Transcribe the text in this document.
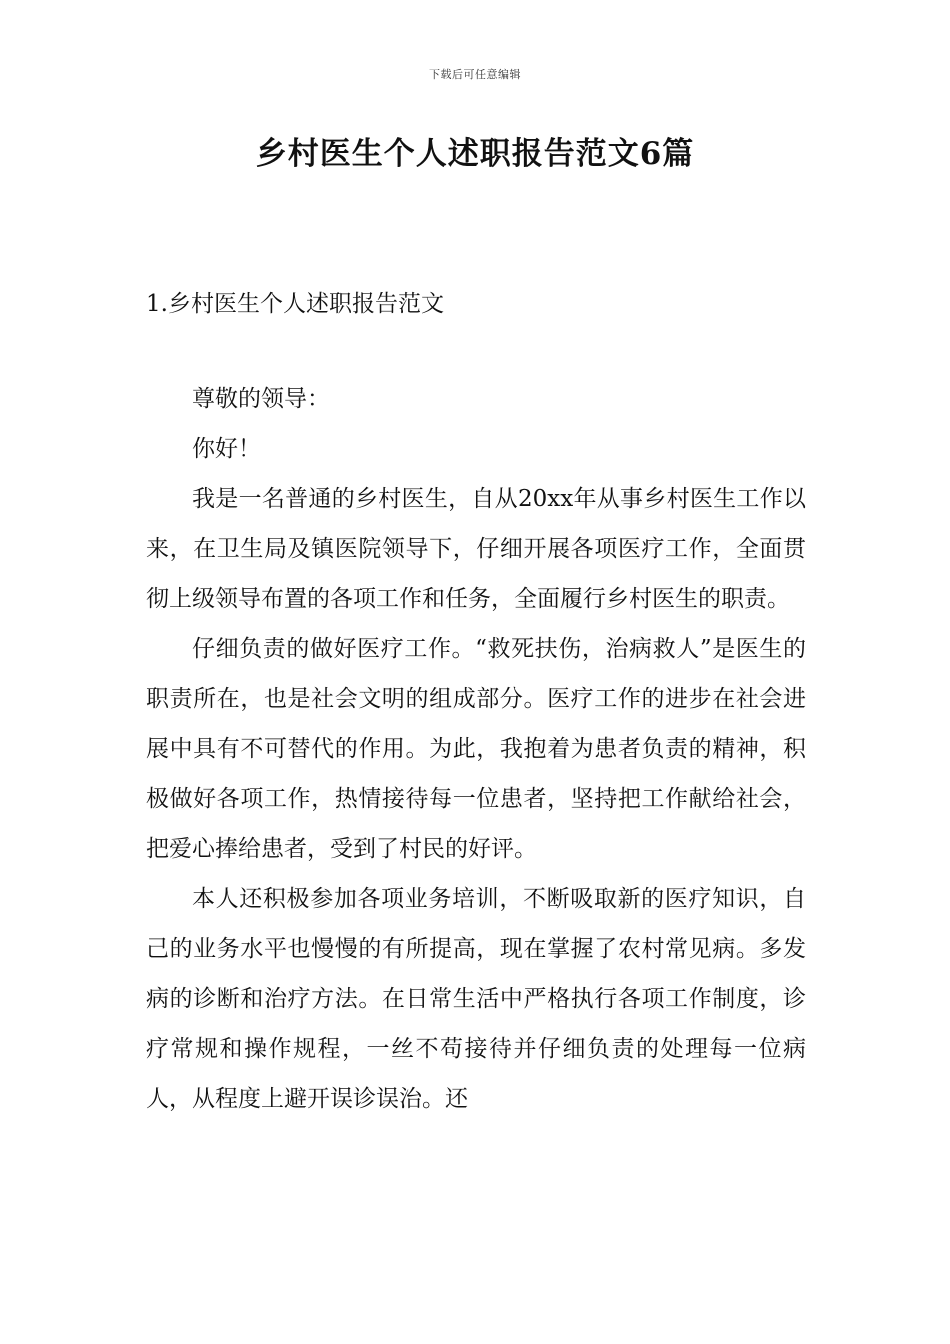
下载后可任意编辑
乡村医生个人述职报告范文6篇
1.乡村医生个人述职报告范文

尊敬的领导：

你好！

我是一名普通的乡村医生，自从20xx年从事乡村医生工作以来，在卫生局及镇医院领导下，仔细开展各项医疗工作，全面贯彻上级领导布置的各项工作和任务，全面履行乡村医生的职责。

仔细负责的做好医疗工作。“救死扶伤，治病救人”是医生的职责所在，也是社会文明的组成部分。医疗工作的进步在社会进展中具有不可替代的作用。为此，我抱着为患者负责的精神，积极做好各项工作，热情接待每一位患者，坚持把工作献给社会，把爱心捧给患者，受到了村民的好评。

本人还积极参加各项业务培训，不断吸取新的医疗知识，自己的业务水平也慢慢的有所提高，现在掌握了农村常见病。多发病的诊断和治疗方法。在日常生活中严格执行各项工作制度，诊疗常规和操作规程，一丝不苟接待并仔细负责的处理每一位病人，从程度上避开误诊误治。还
